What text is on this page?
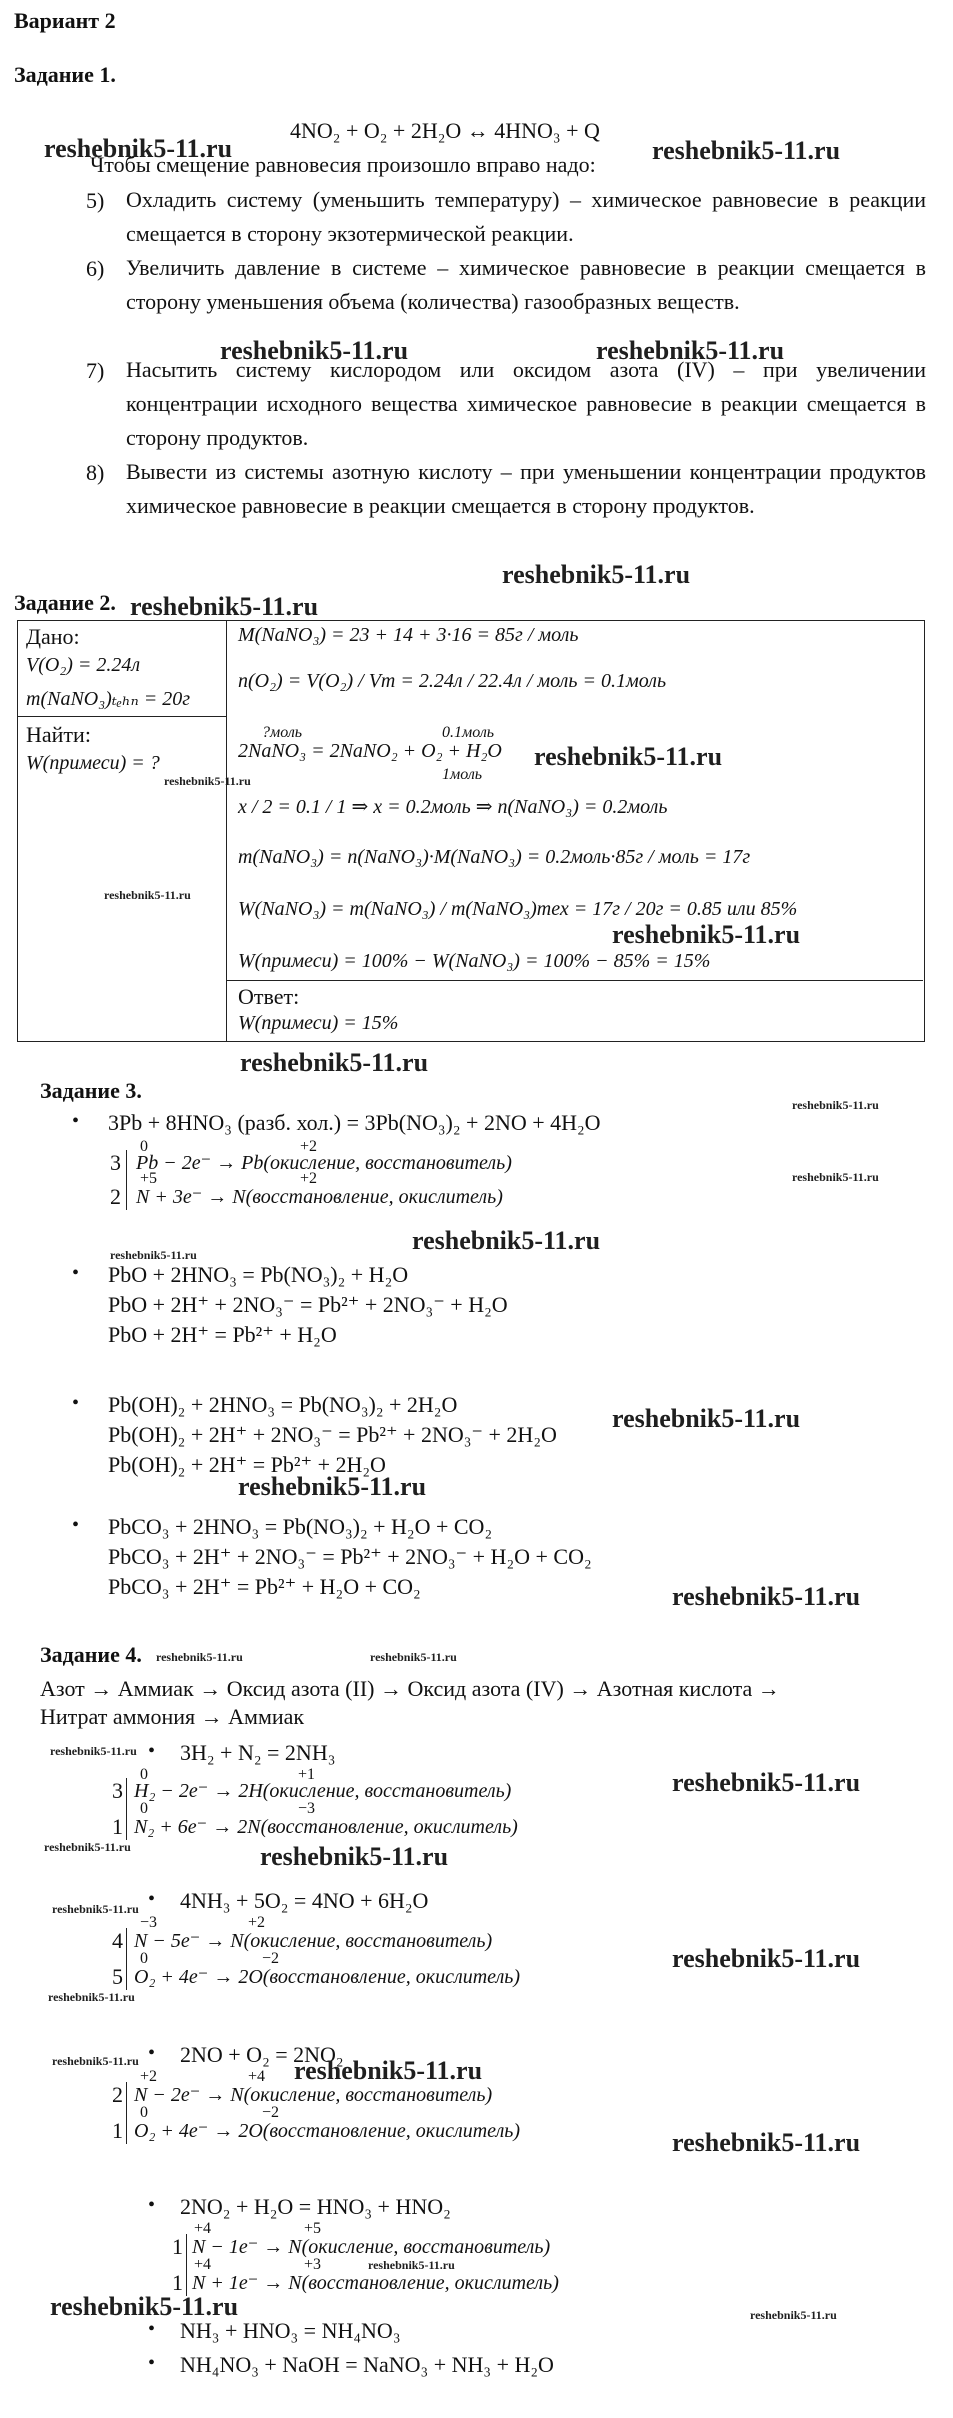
Вариант 2
Задание 1.
4NO₂ + O₂ + 2H₂O ↔ 4HNO₃ + Q
Чтобы смещение равновесия произошло вправо надо:
5) Охладить систему (уменьшить температуру) – химическое равновесие в реакции смещается в сторону экзотермической реакции.
6) Увеличить давление в системе – химическое равновесие в реакции смещается в сторону уменьшения объема (количества) газообразных веществ.
7) Насытить систему кислородом или оксидом азота (IV) – при увеличении концентрации исходного вещества химическое равновесие в реакции смещается в сторону продуктов.
8) Вывести из системы азотную кислоту – при уменьшении концентрации продуктов химическое равновесие в реакции смещается в сторону продуктов.
Задание 2.
Дано:
V(O₂) = 2.24л
m(NaNO₃)ₜₑₕₙ = 20г
Найти:
W(примеси) = ?
M(NaNO₃) = 23 + 14 + 3·16 = 85г / моль
n(O₂) = V(O₂) / Vm = 2.24л / 22.4л / моль = 0.1моль
?моль	0.1моль
2NaNO₃ = 2NaNO₂ + O₂ + H₂O
1моль
x / 2 = 0.1 / 1 ⇒ x = 0.2моль ⇒ n(NaNO₃) = 0.2моль
m(NaNO₃) = n(NaNO₃)·M(NaNO₃) = 0.2моль·85г / моль = 17г
W(NaNO₃) = m(NaNO₃) / m(NaNO₃)тех = 17г / 20г = 0.85 или 85%
W(примеси) = 100% − W(NaNO₃) = 100% − 85% = 15%
Ответ:
W(примеси) = 15%
Задание 3.
• 3Pb + 8HNO₃ (разб. хол.) = 3Pb(NO₃)₂ + 2NO + 4H₂O
0	+2
3 Pb − 2e⁻ → Pb(окисление, восстановитель)
+5	+2
2 N + 3e⁻ → N(восстановление, окислитель)
• PbO + 2HNO₃ = Pb(NO₃)₂ + H₂O
PbO + 2H⁺ + 2NO₃⁻ = Pb²⁺ + 2NO₃⁻ + H₂O
PbO + 2H⁺ = Pb²⁺ + H₂O
• Pb(OH)₂ + 2HNO₃ = Pb(NO₃)₂ + 2H₂O
Pb(OH)₂ + 2H⁺ + 2NO₃⁻ = Pb²⁺ + 2NO₃⁻ + 2H₂O
Pb(OH)₂ + 2H⁺ = Pb²⁺ + 2H₂O
• PbCO₃ + 2HNO₃ = Pb(NO₃)₂ + H₂O + CO₂
PbCO₃ + 2H⁺ + 2NO₃⁻ = Pb²⁺ + 2NO₃⁻ + H₂O + CO₂
PbCO₃ + 2H⁺ = Pb²⁺ + H₂O + CO₂
Задание 4.
Азот → Аммиак → Оксид азота (II) → Оксид азота (IV) → Азотная кислота →
Нитрат аммония → Аммиак
• 3H₂ + N₂ = 2NH₃
0	+1
3 H₂ − 2e⁻ → 2H(окисление, восстановитель)
0	−3
1 N₂ + 6e⁻ → 2N(восстановление, окислитель)
• 4NH₃ + 5O₂ = 4NO + 6H₂O
−3	+2
4 N − 5e⁻ → N(окисление, восстановитель)
0	−2
5 O₂ + 4e⁻ → 2O(восстановление, окислитель)
• 2NO + O₂ = 2NO₂
+2	+4
2 N − 2e⁻ → N(окисление, восстановитель)
0	−2
1 O₂ + 4e⁻ → 2O(восстановление, окислитель)
• 2NO₂ + H₂O = HNO₃ + HNO₂
+4	+5
1 N − 1e⁻ → N(окисление, восстановитель)
+4	+3
1 N + 1e⁻ → N(восстановление, окислитель)
• NH₃ + HNO₃ = NH₄NO₃
• NH₄NO₃ + NaOH = NaNO₃ + NH₃ + H₂O
reshebnik5-11.ru	reshebnik5-11.ru
reshebnik5-11.ru	reshebnik5-11.ru
reshebnik5-11.ru
reshebnik5-11.ru
reshebnik5-11.ru
reshebnik5-11.ru
reshebnik5-11.ru
reshebnik5-11.ru
reshebnik5-11.ru
reshebnik5-11.ru
reshebnik5-11.ru
reshebnik5-11.ru
reshebnik5-11.ru
reshebnik5-11.ru
reshebnik5-11.ru
reshebnik5-11.ru
reshebnik5-11.ru	reshebnik5-11.ru
reshebnik5-11.ru
reshebnik5-11.ru
reshebnik5-11.ru	reshebnik5-11.ru
reshebnik5-11.ru
reshebnik5-11.ru
reshebnik5-11.ru
reshebnik5-11.ru
reshebnik5-11.ru
reshebnik5-11.ru
reshebnik5-11.ru
reshebnik5-11.ru	reshebnik5-11.ru
